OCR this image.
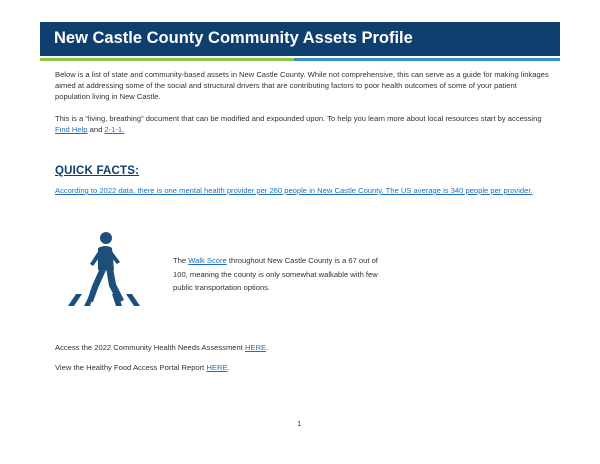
New Castle County Community Assets Profile

Below is a list of state and community-based assets in New Castle County. While not comprehensive, this can serve as a guide for making linkages aimed at addressing some of the social and structural drivers that are contributing factors to poor health outcomes of some of your patient population living in New Castle.

This is a “living, breathing” document that can be modified and expounded upon. To help you learn more about local resources start by accessing Find Help and 2-1-1.

QUICK FACTS:

According to 2022 data, there is one mental health provider per 260 people in New Castle County. The US average is 340 people per provider.

The Walk Score throughout New Castle County is a 67 out of 100, meaning the county is only somewhat walkable with few public transportation options.

Access the 2022 Community Health Needs Assessment HERE.

View the Healthy Food Access Portal Report HERE.

1
